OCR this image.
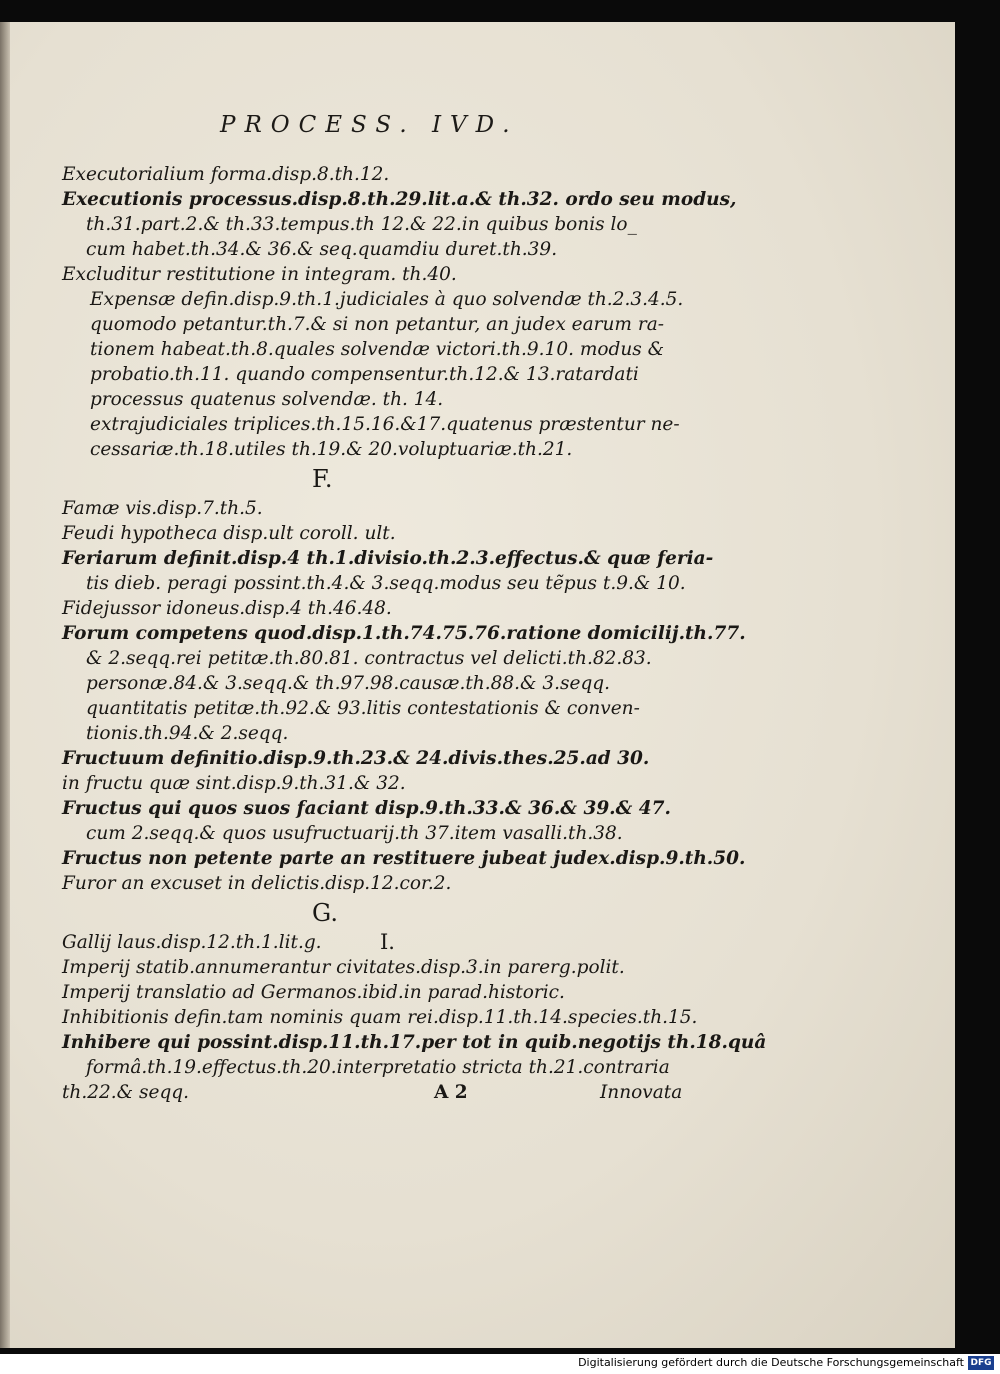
PROCESS. IVD.
Executorialium forma.disp.8.th.12.
Executionis processus.disp.8.th.29.lit.a.& th.32. ordo seu modus,
th.31.part.2.& th.33.tempus.th 12.& 22.in quibus bonis lo_
cum habet.th.34.& 36.& seq.quamdiu duret.th.39.
Excluditur restitutione in integram. th.40.
Expensæ defin.disp.9.th.1.judiciales à quo solvendæ th.2.3.4.5.
quomodo petantur.th.7.& si non petantur, an judex earum ra-
tionem habeat.th.8.quales solvendæ victori.th.9.10. modus &
probatio.th.11. quando compensentur.th.12.& 13.ratardati
processus quatenus solvendæ. th. 14.
extrajudiciales triplices.th.15.16.&17.quatenus præstentur ne-
cessariæ.th.18.utiles th.19.& 20.voluptuariæ.th.21.
F.
Famæ vis.disp.7.th.5.
Feudi hypotheca disp.ult coroll. ult.
Feriarum definit.disp.4 th.1.divisio.th.2.3.effectus.& quæ feria-
tis dieb. peragi possint.th.4.& 3.seqq.modus seu tẽpus t.9.& 10.
Fidejussor idoneus.disp.4 th.46.48.
Forum competens quod.disp.1.th.74.75.76.ratione domicilij.th.77.
& 2.seqq.rei petitæ.th.80.81. contractus vel delicti.th.82.83.
personæ.84.& 3.seqq.& th.97.98.causæ.th.88.& 3.seqq.
quantitatis petitæ.th.92.& 93.litis contestationis & conven-
tionis.th.94.& 2.seqq.
Fructuum definitio.disp.9.th.23.& 24.divis.thes.25.ad 30.
in fructu quæ sint.disp.9.th.31.& 32.
Fructus qui quos suos faciant disp.9.th.33.& 36.& 39.& 47.
cum 2.seqq.& quos usufructuarij.th 37.item vasalli.th.38.
Fructus non petente parte an restituere jubeat judex.disp.9.th.50.
Furor an excuset in delictis.disp.12.cor.2.
G.
Gallij laus.disp.12.th.1.lit.g.	I.
Imperij statib.annumerantur civitates.disp.3.in parerg.polit.
Imperij translatio ad Germanos.ibid.in parad.historic.
Inhibitionis defin.tam nominis quam rei.disp.11.th.14.species.th.15.
Inhibere qui possint.disp.11.th.17.per tot in quib.negotijs th.18.quâ
formâ.th.19.effectus.th.20.interpretatio stricta th.21.contraria
th.22.& seqq.	A 2	Innovata
Digitalisierung gefördert durch die Deutsche Forschungsgemeinschaft DFG
